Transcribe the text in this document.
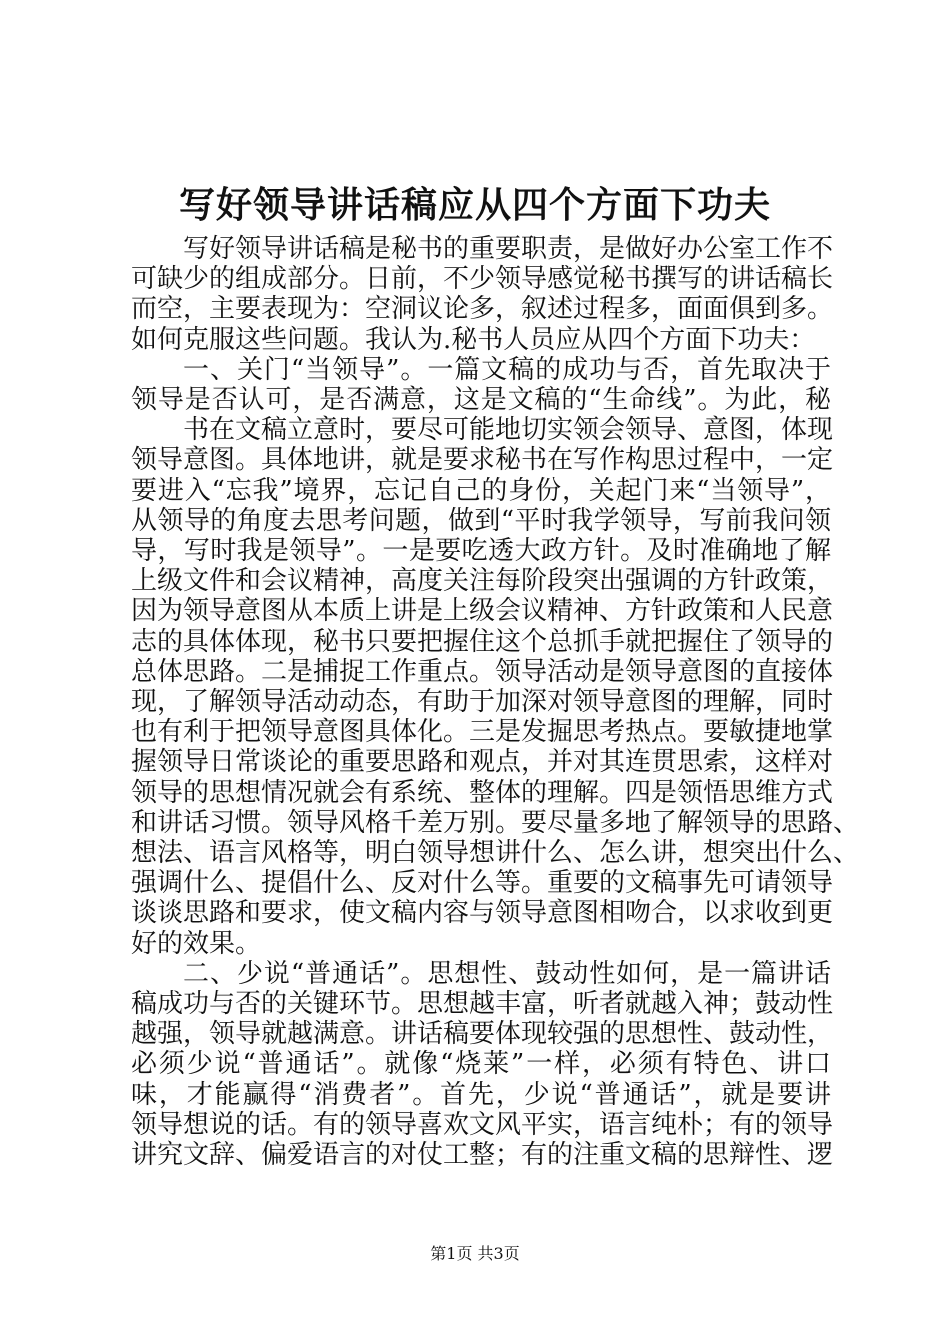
写好领导讲话稿应从四个方面下功夫
写好领导讲话稿是秘书的重要职责，是做好办公室工作不
可缺少的组成部分。日前，不少领导感觉秘书撰写的讲话稿长
而空，主要表现为：空洞议论多，叙述过程多，面面俱到多。
如何克服这些问题。我认为.秘书人员应从四个方面下功夫：
一、关门“当领导”。一篇文稿的成功与否，首先取决于
领导是否认可，是否满意，这是文稿的“生命线”。为此，秘
书在文稿立意时，要尽可能地切实领会领导、意图，体现
领导意图。具体地讲，就是要求秘书在写作构思过程中，一定
要进入“忘我”境界，忘记自己的身份，关起门来“当领导”，
从领导的角度去思考问题，做到“平时我学领导，写前我问领
导，写时我是领导”。一是要吃透大政方针。及时准确地了解
上级文件和会议精神，高度关注每阶段突出强调的方针政策，
因为领导意图从本质上讲是上级会议精神、方针政策和人民意
志的具体体现，秘书只要把握住这个总抓手就把握住了领导的
总体思路。二是捕捉工作重点。领导活动是领导意图的直接体
现，了解领导活动动态，有助于加深对领导意图的理解，同时
也有利于把领导意图具体化。三是发掘思考热点。要敏捷地掌
握领导日常谈论的重要思路和观点，并对其连贯思索，这样对
领导的思想情况就会有系统、整体的理解。四是领悟思维方式
和讲话习惯。领导风格千差万别。要尽量多地了解领导的思路、
想法、语言风格等，明白领导想讲什么、怎么讲，想突出什么、
强调什么、提倡什么、反对什么等。重要的文稿事先可请领导
谈谈思路和要求，使文稿内容与领导意图相吻合，以求收到更
好的效果。
二、少说“普通话”。思想性、鼓动性如何，是一篇讲话
稿成功与否的关键环节。思想越丰富，听者就越入神；鼓动性
越强，领导就越满意。讲话稿要体现较强的思想性、鼓动性，
必须少说“普通话”。就像“烧莱”一样，必须有特色、讲口
味，才能赢得“消费者”。首先，少说“普通话”，就是要讲
领导想说的话。有的领导喜欢文风平实，语言纯朴；有的领导
讲究文辞、偏爱语言的对仗工整；有的注重文稿的思辩性、逻
第1页 共3页
